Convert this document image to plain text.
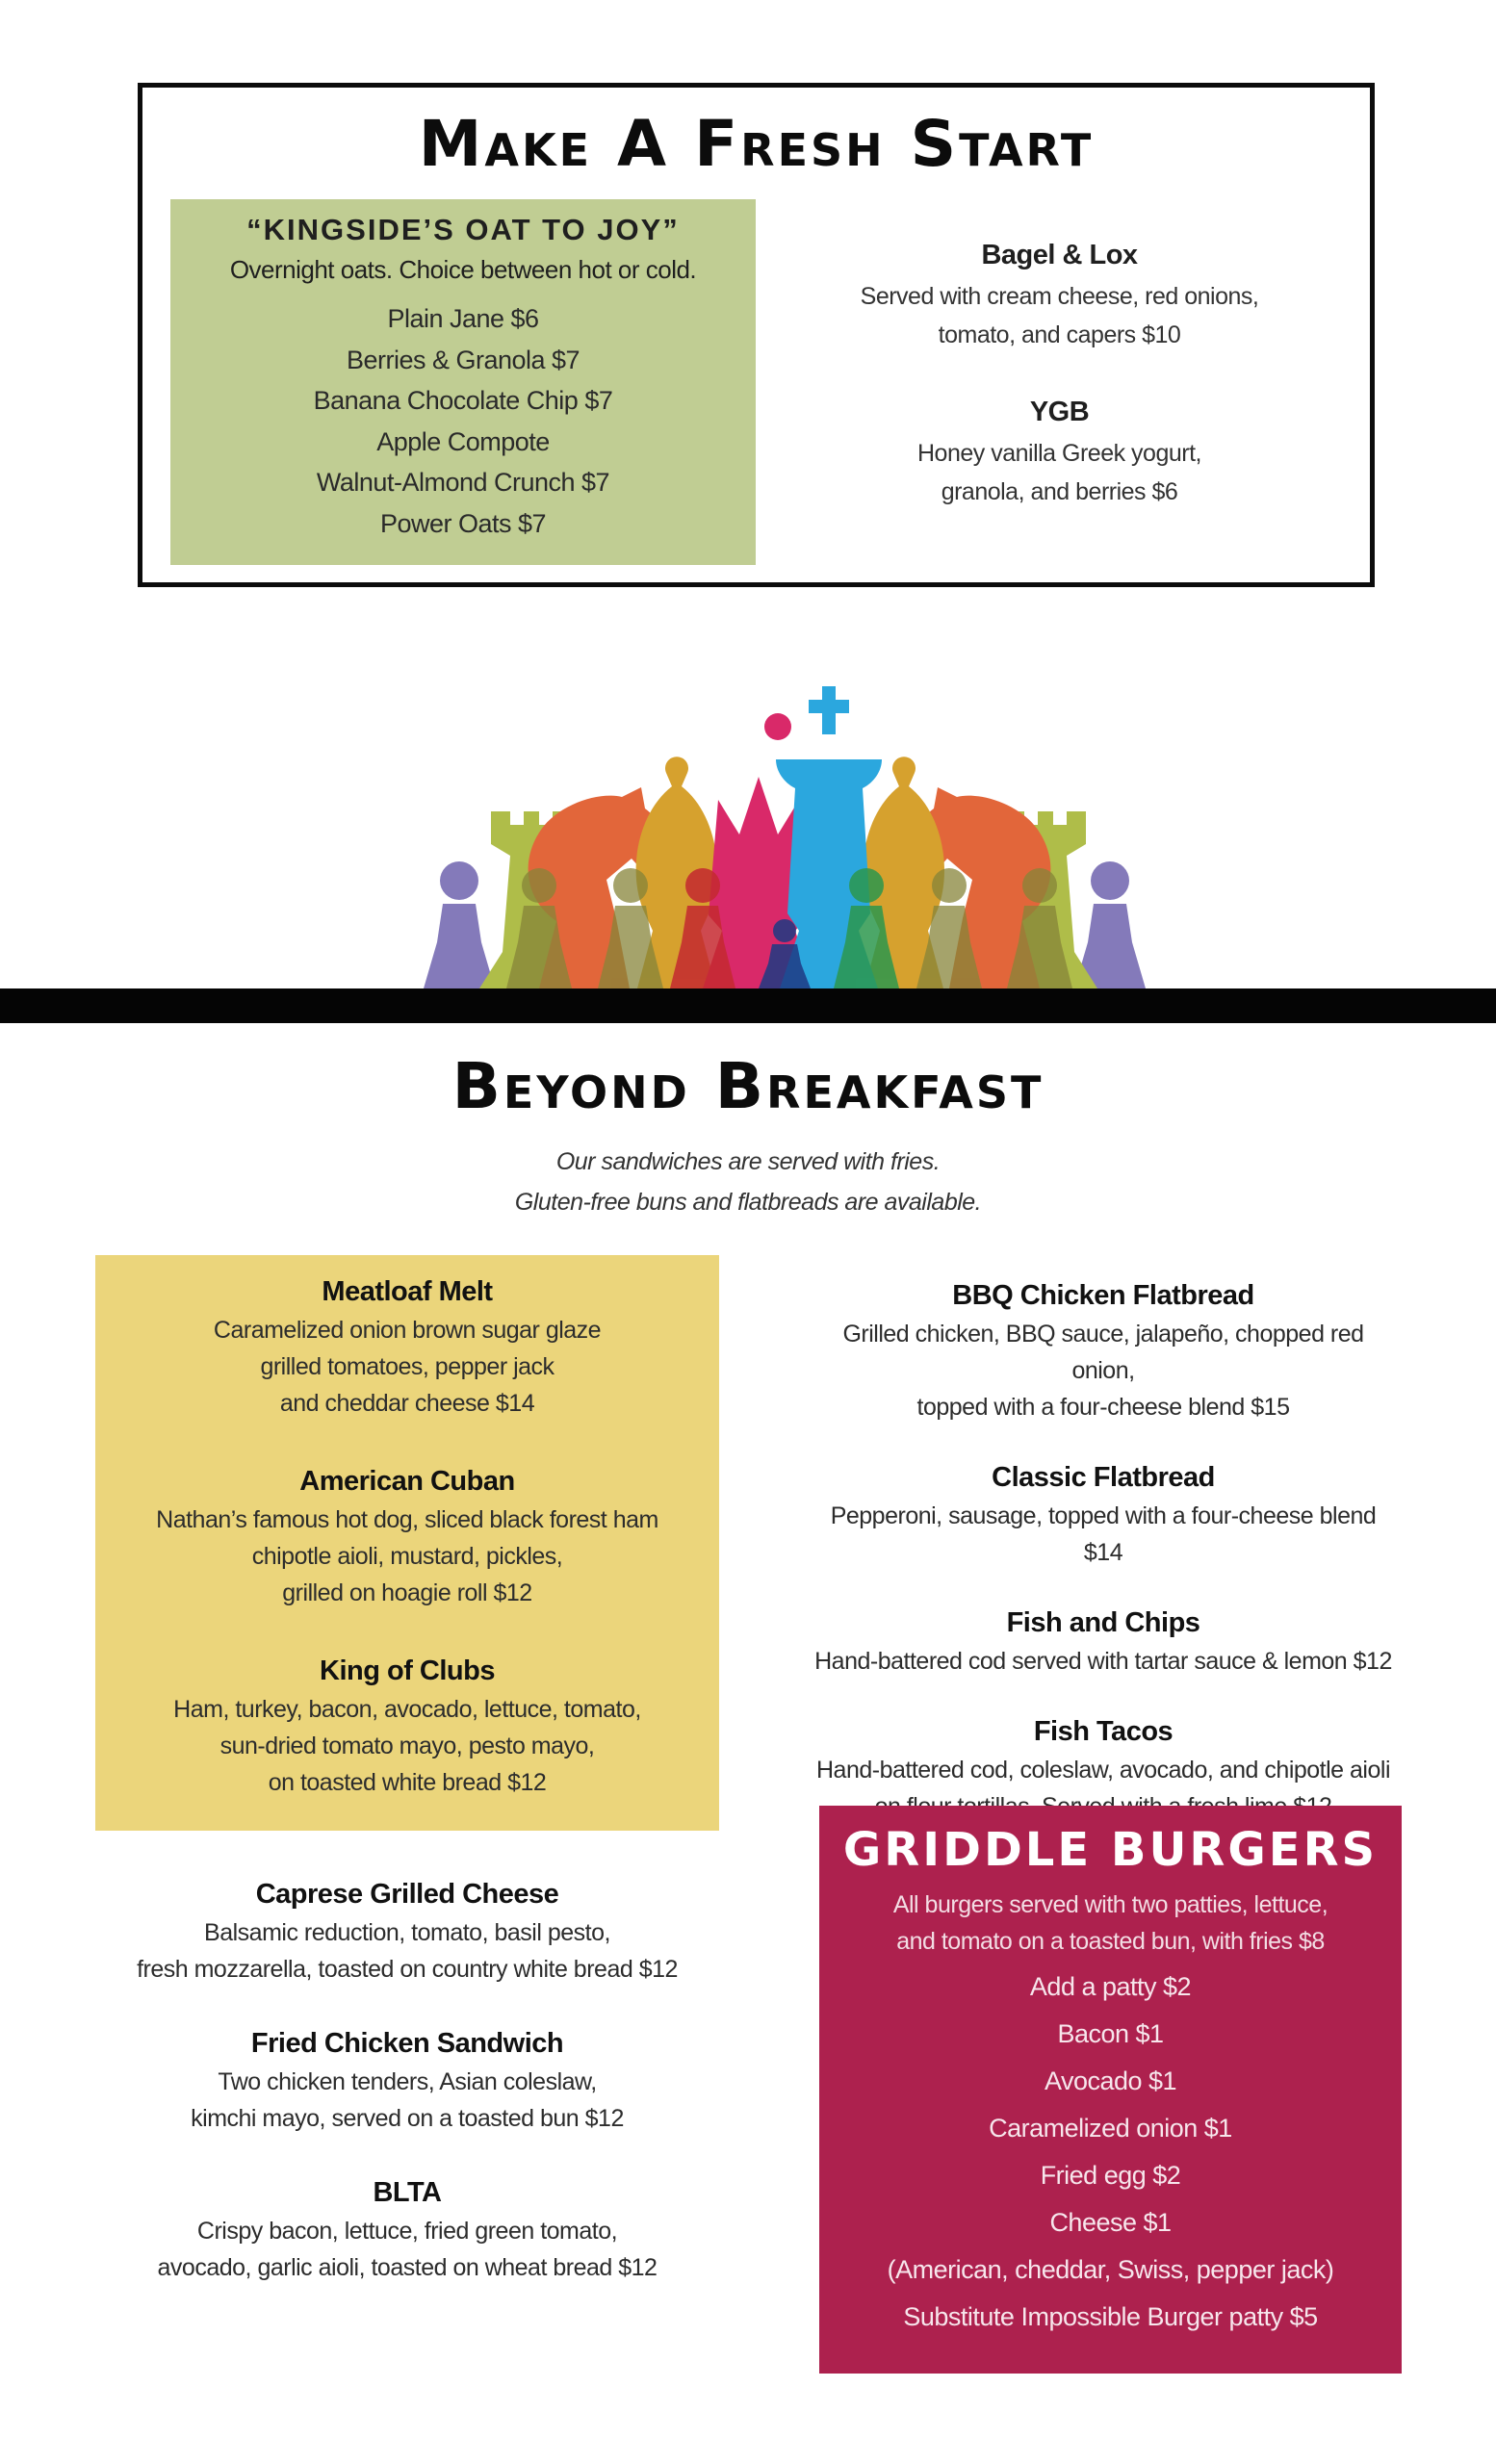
Make A Fresh Start

“KINGSIDE’S OAT TO JOY”

Overnight oats. Choice between hot or cold.

Plain Jane $6
Berries & Granola $7
Banana Chocolate Chip $7
Apple Compote
Walnut-Almond Crunch $7
Power Oats $7

Bagel & Lox

Served with cream cheese, red onions,
tomato, and capers $10

YGB

Honey vanilla Greek yogurt,
granola, and berries $6

Beyond Breakfast
Our sandwiches are served with fries.
Gluten-free buns and flatbreads are available.

Meatloaf Melt

Caramelized onion brown sugar glaze
grilled tomatoes, pepper jack
and cheddar cheese $14

American Cuban

Nathan’s famous hot dog, sliced black forest ham
chipotle aioli, mustard, pickles,
grilled on hoagie roll $12

King of Clubs

Ham, turkey, bacon, avocado, lettuce, tomato,
sun-dried tomato mayo, pesto mayo,
on toasted white bread $12

Caprese Grilled Cheese

Balsamic reduction, tomato, basil pesto,
fresh mozzarella, toasted on country white bread $12

Fried Chicken Sandwich

Two chicken tenders, Asian coleslaw,
kimchi mayo, served on a toasted bun $12

BLTA

Crispy bacon, lettuce, fried green tomato,
avocado, garlic aioli, toasted on wheat bread $12

BBQ Chicken Flatbread

Grilled chicken, BBQ sauce, jalapeño, chopped red onion,
topped with a four-cheese blend $15

Classic Flatbread

Pepperoni, sausage, topped with a four-cheese blend $14

Fish and Chips

Hand-battered cod served with tartar sauce & lemon $12

Fish Tacos

Hand-battered cod, coleslaw, avocado, and chipotle aioli

GRIDDLE BURGERS

All burgers served with two patties, lettuce,
and tomato on a toasted bun, with fries $8

Add a patty $2
Bacon $1
Avocado $1
Caramelized onion $1
Fried egg $2
Cheese $1
(American, cheddar, Swiss, pepper jack)
Substitute Impossible Burger patty $5
